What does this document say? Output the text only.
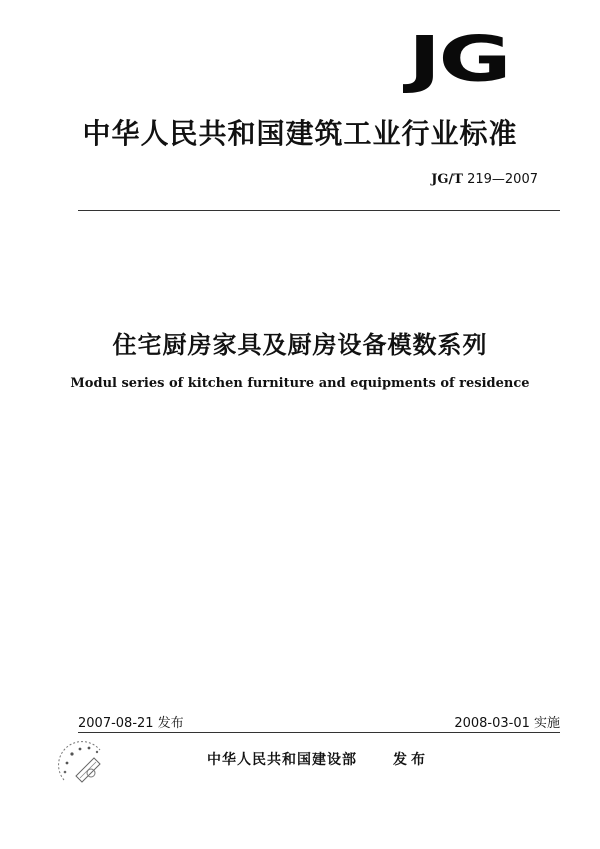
JG
中华人民共和国建筑工业行业标准
JG/T 219—2007
住宅厨房家具及厨房设备模数系列
Modul series of kitchen furniture and equipments of residence
2007-08-21 发布	2008-03-01 实施
中华人民共和国建设部	发布
